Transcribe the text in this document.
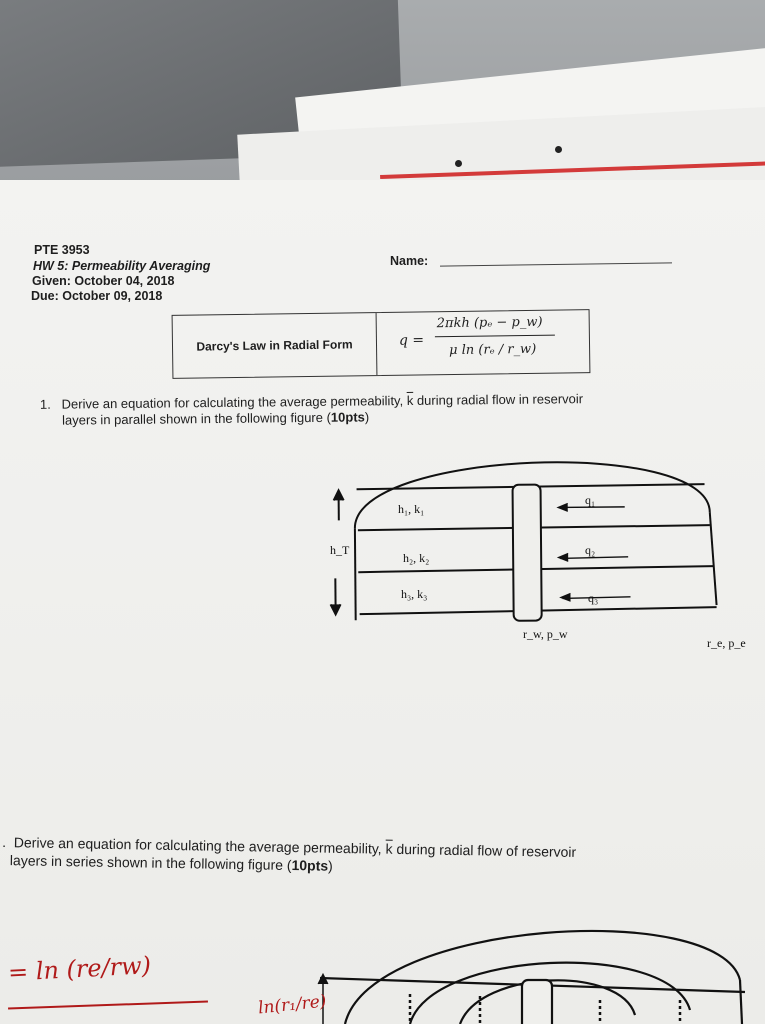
PTE 3953
HW 5: Permeability Averaging
Given: October 04, 2018
Due: October 09, 2018
Name:
Darcy's Law in Radial Form	q =
2πkh (pₑ − p_w)
μ ln (rₑ / r_w)
1. Derive an equation for calculating the average permeability, $\overline{k}$ during radial flow in reservoir
layers in parallel shown in the following figure (10pts)
h₁, k₁
h₂, k₂
h₃, k₃
q₁
q₂
q₃
h_T
r_w, p_w
r_e, p_e
. Derive an equation for calculating the average permeability, $\overline{k}$ during radial flow of reservoir
layers in series shown in the following figure (10pts)
= ln (re/rw)
ln(r₁/re)
